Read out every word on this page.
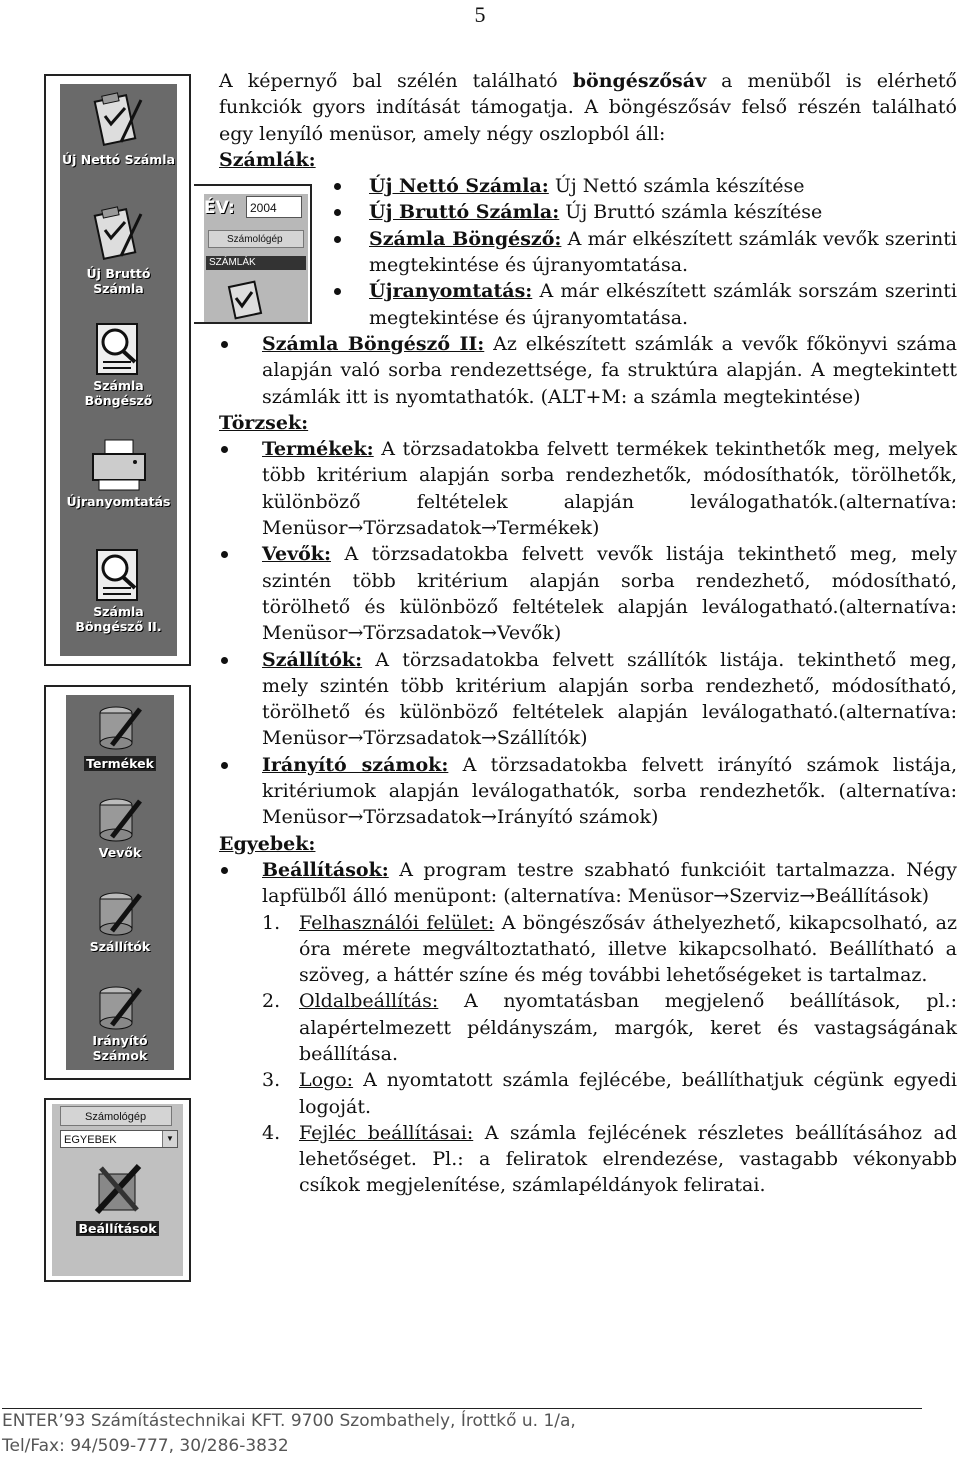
5
Új Nettó Számla
Új Bruttó Számla
Számla Böngésző
Újranyomtatás
Számla Böngésző II.
ÉV:	2004
Számológép
SZÁMLÁK
Termékek
Vevők
Szállítók
Irányító Számok
Számológép
EGYEBEK	▼
Beállítások

A képernyő bal szélén található böngészősáv a menüből is elérhető funkciók gyors indítását támogatja. A böngészősáv felső részén található egy lenyíló menüsor, amely négy oszlopból áll:

Számlák:

Új Nettó Számla: Új Nettó számla készítése
Új Bruttó Számla: Új Bruttó számla készítése
Számla Böngésző: A már elkészített számlák vevők szerinti megtekintése és újranyomtatása.
Újranyomtatás: A már elkészített számlák sorszám szerinti megtekintése és újranyomtatása.
Számla Böngésző II: Az elkészített számlák a vevők főkönyvi száma alapján való sorba rendezettsége, fa struktúra alapján. A megtekintett számlák itt is nyomtathatók. (ALT+M: a számla megtekintése)

Törzsek:

Termékek: A törzsadatokba felvett termékek tekinthetők meg, melyek több kritérium alapján sorba rendezhetők, módosíthatók, törölhetők, különböző feltételek alapján leválogathatók.(alternatíva: Menüsor→Törzsadatok→Termékek)
Vevők: A törzsadatokba felvett vevők listája tekinthető meg, mely szintén több kritérium alapján sorba rendezhető, módosítható, törölhető és különböző feltételek alapján leválogatható.(alternatíva: Menüsor→Törzsadatok→Vevők)
Szállítók: A törzsadatokba felvett szállítók listája. tekinthető meg, mely szintén több kritérium alapján sorba rendezhető, módosítható, törölhető és különböző feltételek alapján leválogatható.(alternatíva: Menüsor→Törzsadatok→Szállítók)
Irányító számok: A törzsadatokba felvett irányító számok listája, kritériumok alapján leválogathatók, sorba rendezhetők. (alternatíva: Menüsor→Törzsadatok→Irányító számok)

Egyebek:

Beállítások: A program testre szabható funkcióit tartalmazza. Négy lapfülből álló menüpont: (alternatíva: Menüsor→Szerviz→Beállítások)
1. Felhasználói felület: A böngészősáv áthelyezhető, kikapcsolható, az óra mérete megváltoztatható, illetve kikapcsolható. Beállítható a szöveg, a háttér színe és még további lehetőségeket is tartalmaz.
2. Oldalbeállítás: A nyomtatásban megjelenő beállítások, pl.: alapértelmezett példányszám, margók, keret és vastagságának beállítása.
3. Logo: A nyomtatott számla fejlécébe, beállíthatjuk cégünk egyedi logoját.
4. Fejléc beállításai: A számla fejlécének részletes beállításához ad lehetőséget. Pl.: a feliratok elrendezése, vastagabb vékonyabb csíkok megjelenítése, számlapéldányok feliratai.
ENTER’93 Számítástechnikai KFT. 9700 Szombathely, Írottkő u. 1/a,
Tel/Fax: 94/509-777, 30/286-3832
